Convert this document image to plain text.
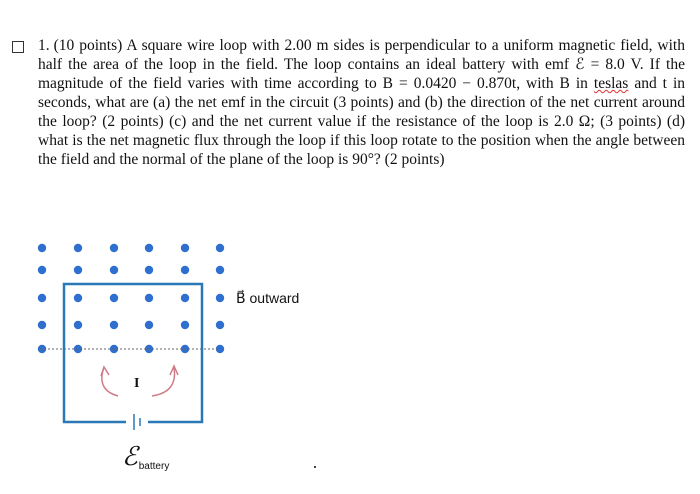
1. (10 points) A square wire loop with 2.00 m sides is perpendicular to a uniform magnetic field, with half the area of the loop in the field. The loop contains an ideal battery with emf ℰ = 8.0 V. If the magnitude of the field varies with time according to B = 0.0420 − 0.870t, with B in teslas and t in seconds, what are (a) the net emf in the circuit (3 points) and (b) the direction of the net current around the loop? (2 points) (c) and the net current value if the resistance of the loop is 2.0 Ω; (3 points) (d) what is the net magnetic flux through the loop if this loop rotate to the position when the angle between the field and the normal of the plane of the loop is 90°? (2 points)

B⃗ outward
I
ℰ$_{battery}$
